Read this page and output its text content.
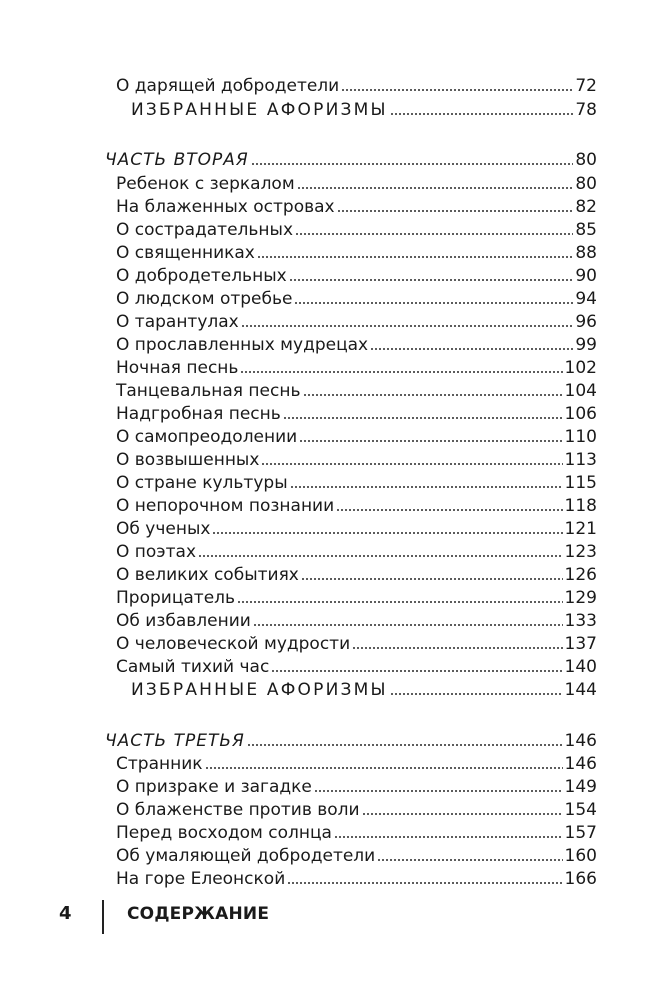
О дарящей добродетели	72
ИЗБРАННЫЕ АФОРИЗМЫ	78
ЧАСТЬ ВТОРАЯ	80
Ребенок с зеркалом	80
На блаженных островах	82
О сострадательных	85
О священниках	88
О добродетельных	90
О людском отребье	94
О тарантулах	96
О прославленных мудрецах	99
Ночная песнь	102
Танцевальная песнь	104
Надгробная песнь	106
О самопреодолении	110
О возвышенных	113
О стране культуры	115
О непорочном познании	118
Об ученых	121
О поэтах	123
О великих событиях	126
Прорицатель	129
Об избавлении	133
О человеческой мудрости	137
Самый тихий час	140
ИЗБРАННЫЕ АФОРИЗМЫ	144
ЧАСТЬ ТРЕТЬЯ	146
Странник	146
О призраке и загадке	149
О блаженстве против воли	154
Перед восходом солнца	157
Об умаляющей добродетели	160
На горе Елеонской	166
4	СОДЕРЖАНИЕ
